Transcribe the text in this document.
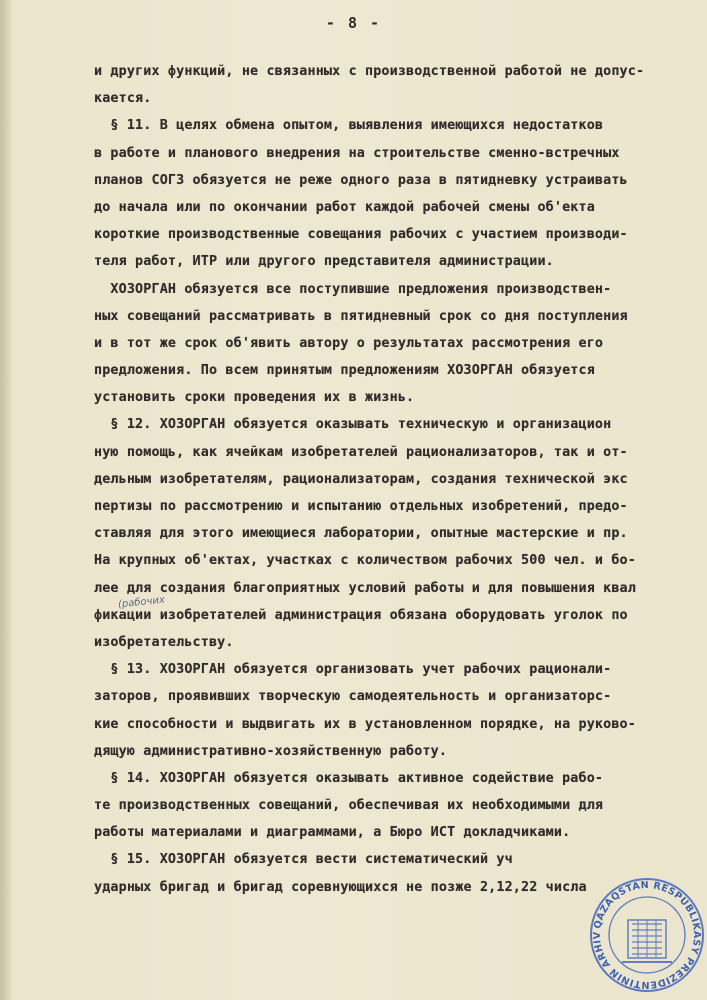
- 8 -
и других функций, не связанных с производственной работой не допус-
кается.
§ 11. В целях обмена опытом, выявления имеющихся недостатков
в работе и планового внедрения на строительстве сменно-встречных
планов СОГЗ обязуется не реже одного раза в пятидневку устраивать
до начала или по окончании работ каждой рабочей смены об'екта
короткие производственные совещания рабочих с участием производи-
теля работ, ИТР или другого представителя администрации.
ХОЗОРГАН обязуется все поступившие предложения производствен-
ных совещаний рассматривать в пятидневный срок со дня поступления
и в тот же срок об'явить автору о результатах рассмотрения его
предложения. По всем принятым предложениям ХОЗОРГАН обязуется
установить сроки проведения их в жизнь.
§ 12. ХОЗОРГАН обязуется оказывать техническую и организацион
ную помощь, как ячейкам изобретателей рационализаторов, так и от-
дельным изобретателям, рационализаторам, создания технической экс
пертизы по рассмотрению и испытанию отдельных изобретений, предо-
ставляя для этого имеющиеся лаборатории, опытные мастерские и пр.
На крупных об'ектах, участках с количеством рабочих 500 чел. и бо-
лее для создания благоприятных условий работы и для повышения квал
фикации изобретателей администрация обязана оборудовать уголок по
изобретательству.
§ 13. ХОЗОРГАН обязуется организовать учет рабочих рационали-
заторов, проявивших творческую самодеятельность и организаторс-
кие способности и выдвигать их в установленном порядке, на руково-
дящую административно-хозяйственную работу.
§ 14. ХОЗОРГАН обязуется оказывать активное содействие рабо-
те производственных совещаний, обеспечивая их необходимыми для
работы материалами и диаграммами, а Бюро ИСТ докладчиками.
§ 15. ХОЗОРГАН обязуется вести систематический уч
ударных бригад и бригад соревнующихся не позже 2,12,22 числа
(рабочих
QAZAQSTAN RESPUBLIKASY PREZIDENTINIŃ ARHIV
